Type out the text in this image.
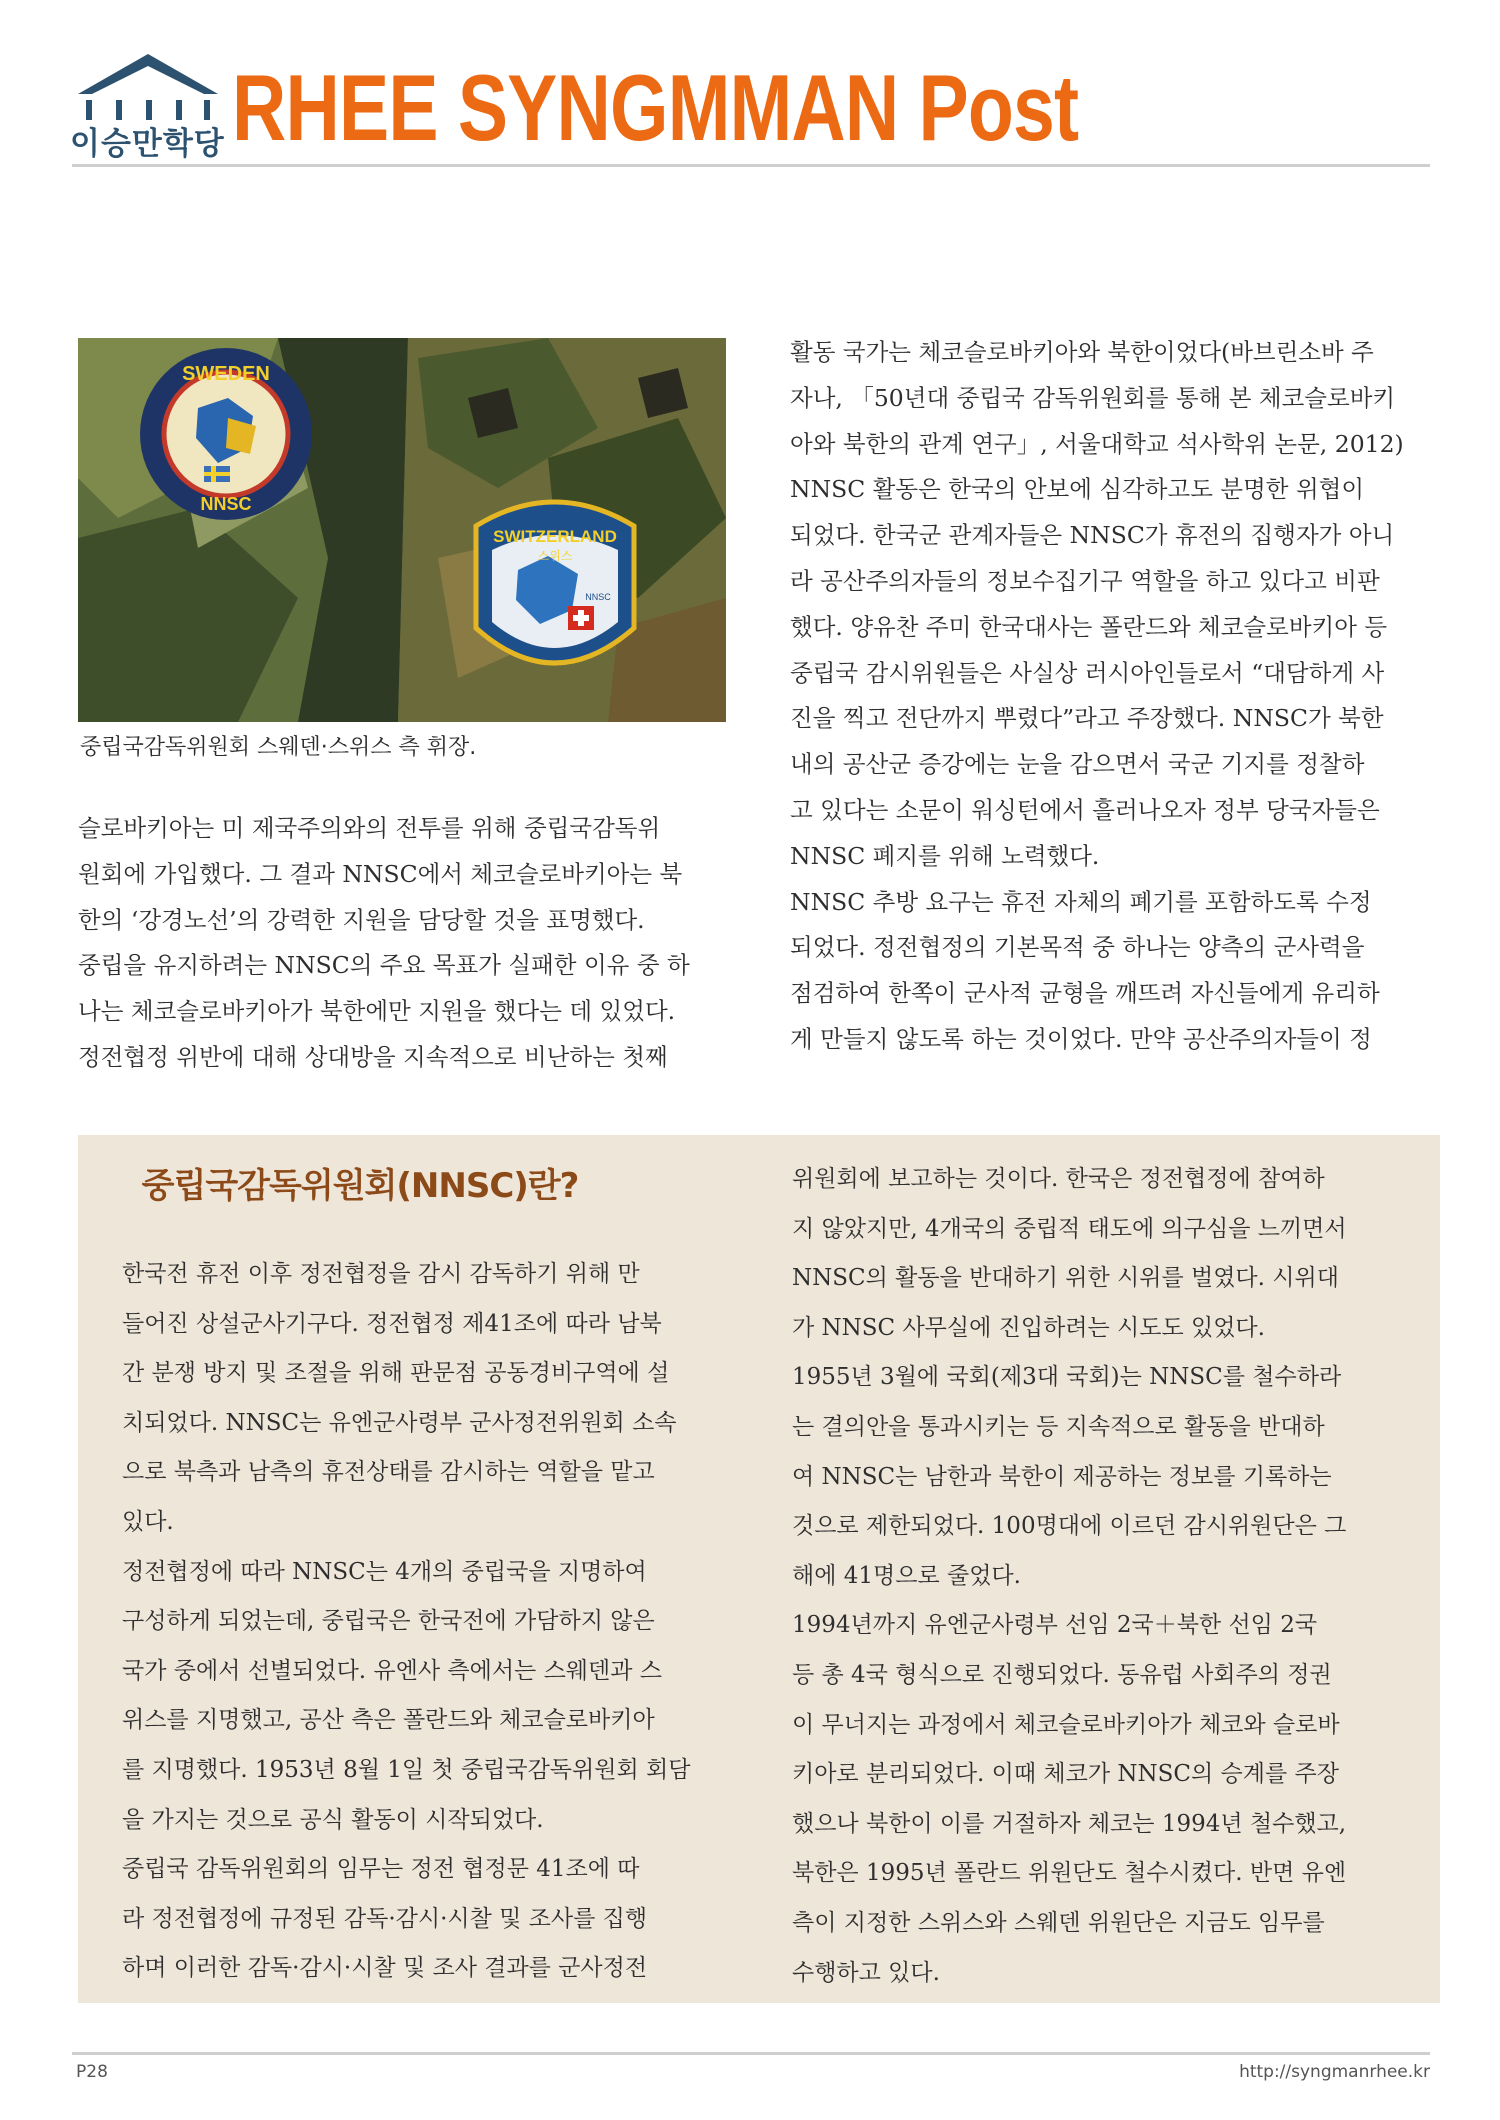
이승만학당 RHEE SYNGMMAN Post
SWEDEN
NNSC
SWITZERLAND
스위스
NNSC
중립국감독위원회 스웨덴·스위스 측 휘장.

슬로바키아는 미 제국주의와의 전투를 위해 중립국감독위

원회에 가입했다. 그 결과 NNSC에서 체코슬로바키아는 북

한의 ‘강경노선’의 강력한 지원을 담당할 것을 표명했다.

중립을 유지하려는 NNSC의 주요 목표가 실패한 이유 중 하

나는 체코슬로바키아가 북한에만 지원을 했다는 데 있었다.

정전협정 위반에 대해 상대방을 지속적으로 비난하는 첫째

활동 국가는 체코슬로바키아와 북한이었다(바브린소바 주

자나, 「50년대 중립국 감독위원회를 통해 본 체코슬로바키

아와 북한의 관계 연구」, 서울대학교 석사학위 논문, 2012)

NNSC 활동은 한국의 안보에 심각하고도 분명한 위협이

되었다. 한국군 관계자들은 NNSC가 휴전의 집행자가 아니

라 공산주의자들의 정보수집기구 역할을 하고 있다고 비판

했다. 양유찬 주미 한국대사는 폴란드와 체코슬로바키아 등

중립국 감시위원들은 사실상 러시아인들로서 “대담하게 사

진을 찍고 전단까지 뿌렸다”라고 주장했다. NNSC가 북한

내의 공산군 증강에는 눈을 감으면서 국군 기지를 정찰하

고 있다는 소문이 워싱턴에서 흘러나오자 정부 당국자들은

NNSC 폐지를 위해 노력했다.

NNSC 추방 요구는 휴전 자체의 폐기를 포함하도록 수정

되었다. 정전협정의 기본목적 중 하나는 양측의 군사력을

점검하여 한쪽이 군사적 균형을 깨뜨려 자신들에게 유리하

게 만들지 않도록 하는 것이었다. 만약 공산주의자들이 정

중립국감독위원회(NNSC)란?

한국전 휴전 이후 정전협정을 감시 감독하기 위해 만

들어진 상설군사기구다. 정전협정 제41조에 따라 남북

간 분쟁 방지 및 조절을 위해 판문점 공동경비구역에 설

치되었다. NNSC는 유엔군사령부 군사정전위원회 소속

으로 북측과 남측의 휴전상태를 감시하는 역할을 맡고

있다.

정전협정에 따라 NNSC는 4개의 중립국을 지명하여

구성하게 되었는데, 중립국은 한국전에 가담하지 않은

국가 중에서 선별되었다. 유엔사 측에서는 스웨덴과 스

위스를 지명했고, 공산 측은 폴란드와 체코슬로바키아

를 지명했다. 1953년 8월 1일 첫 중립국감독위원회 회담

을 가지는 것으로 공식 활동이 시작되었다.

중립국 감독위원회의 임무는 정전 협정문 41조에 따

라 정전협정에 규정된 감독·감시·시찰 및 조사를 집행

하며 이러한 감독·감시·시찰 및 조사 결과를 군사정전

위원회에 보고하는 것이다. 한국은 정전협정에 참여하

지 않았지만, 4개국의 중립적 태도에 의구심을 느끼면서

NNSC의 활동을 반대하기 위한 시위를 벌였다. 시위대

가 NNSC 사무실에 진입하려는 시도도 있었다.

1955년 3월에 국회(제3대 국회)는 NNSC를 철수하라

는 결의안을 통과시키는 등 지속적으로 활동을 반대하

여 NNSC는 남한과 북한이 제공하는 정보를 기록하는

것으로 제한되었다. 100명대에 이르던 감시위원단은 그

해에 41명으로 줄었다.

1994년까지 유엔군사령부 선임 2국＋북한 선임 2국

등 총 4국 형식으로 진행되었다. 동유럽 사회주의 정권

이 무너지는 과정에서 체코슬로바키아가 체코와 슬로바

키아로 분리되었다. 이때 체코가 NNSC의 승계를 주장

했으나 북한이 이를 거절하자 체코는 1994년 철수했고,

북한은 1995년 폴란드 위원단도 철수시켰다. 반면 유엔

측이 지정한 스위스와 스웨덴 위원단은 지금도 임무를

수행하고 있다.

P28	http://syngmanrhee.kr
